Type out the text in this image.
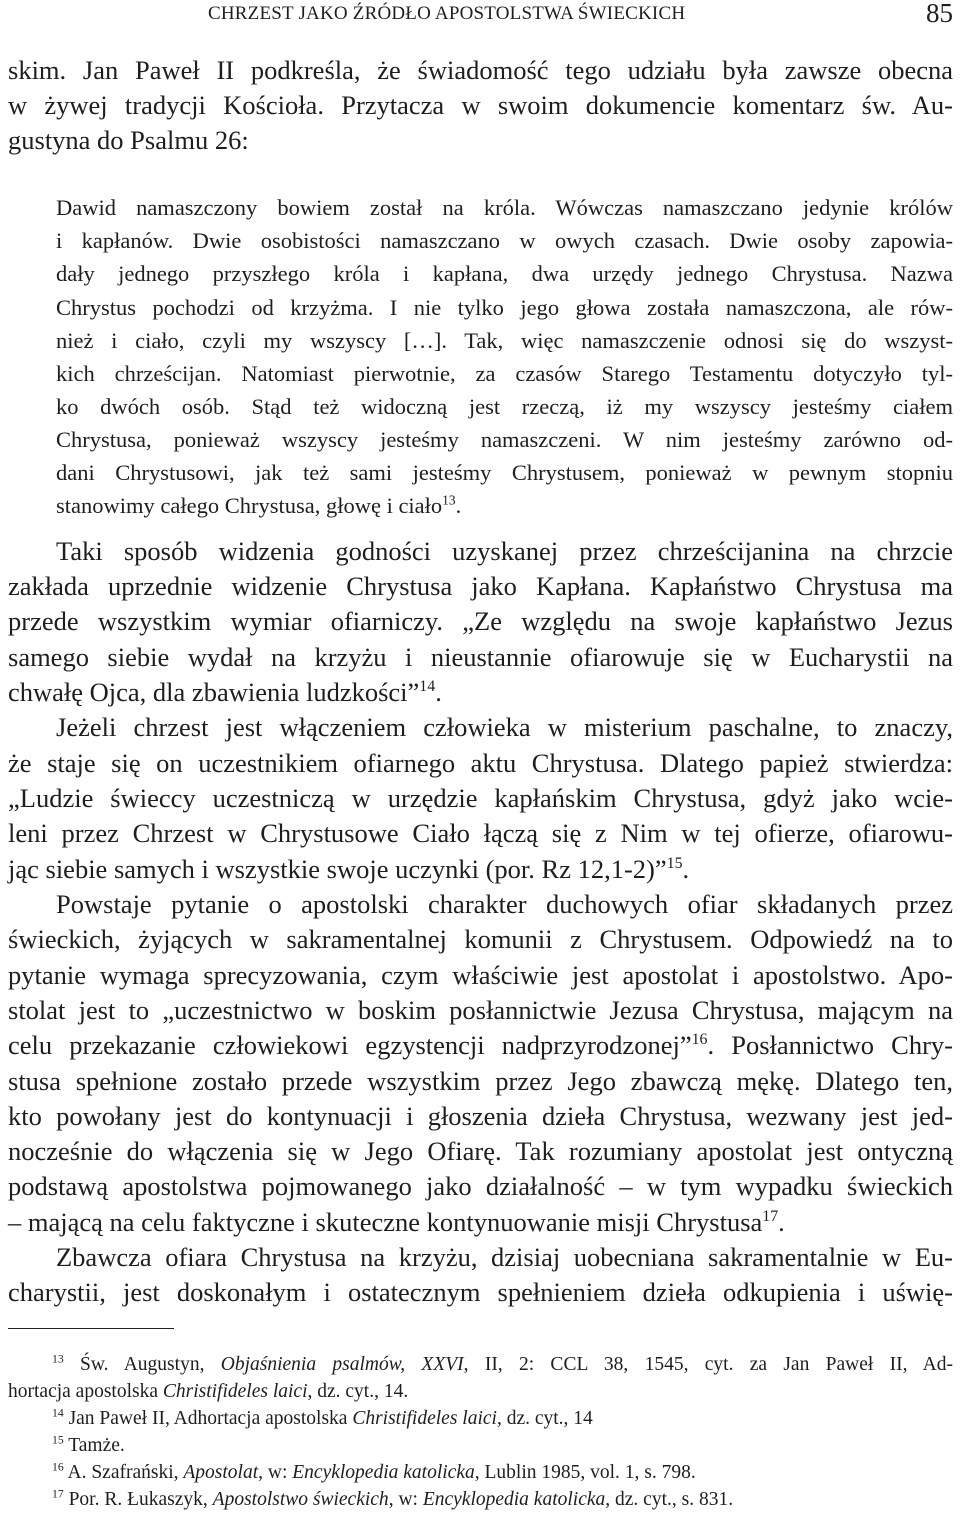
CHRZEST JAKO ŹRÓDŁO APOSTOLSTWA ŚWIECKICH	85
skim. Jan Paweł II podkreśla, że świadomość tego udziału była zawsze obecna
w żywej tradycji Kościoła. Przytacza w swoim dokumencie komentarz św. Au-
gustyna do Psalmu 26:
Dawid namaszczony bowiem został na króla. Wówczas namaszczano jedynie królów
i kapłanów. Dwie osobistości namaszczano w owych czasach. Dwie osoby zapowia-
dały jednego przyszłego króla i kapłana, dwa urzędy jednego Chrystusa. Nazwa
Chrystus pochodzi od krzyżma. I nie tylko jego głowa została namaszczona, ale rów-
nież i ciało, czyli my wszyscy […]. Tak, więc namaszczenie odnosi się do wszyst-
kich chrześcijan. Natomiast pierwotnie, za czasów Starego Testamentu dotyczyło tyl-
ko dwóch osób. Stąd też widoczną jest rzeczą, iż my wszyscy jesteśmy ciałem
Chrystusa, ponieważ wszyscy jesteśmy namaszczeni. W nim jesteśmy zarówno od-
dani Chrystusowi, jak też sami jesteśmy Chrystusem, ponieważ w pewnym stopniu
stanowimy całego Chrystusa, głowę i ciało$^{13}$.
Taki sposób widzenia godności uzyskanej przez chrześcijanina na chrzcie
zakłada uprzednie widzenie Chrystusa jako Kapłana. Kapłaństwo Chrystusa ma
przede wszystkim wymiar ofiarniczy. „Ze względu na swoje kapłaństwo Jezus
samego siebie wydał na krzyżu i nieustannie ofiarowuje się w Eucharystii na
chwałę Ojca, dla zbawienia ludzkości”$^{14}$.
Jeżeli chrzest jest włączeniem człowieka w misterium paschalne, to znaczy,
że staje się on uczestnikiem ofiarnego aktu Chrystusa. Dlatego papież stwierdza:
„Ludzie świeccy uczestniczą w urzędzie kapłańskim Chrystusa, gdyż jako wcie-
leni przez Chrzest w Chrystusowe Ciało łączą się z Nim w tej ofierze, ofiarowu-
jąc siebie samych i wszystkie swoje uczynki (por. Rz 12,1-2)”$^{15}$.
Powstaje pytanie o apostolski charakter duchowych ofiar składanych przez
świeckich, żyjących w sakramentalnej komunii z Chrystusem. Odpowiedź na to
pytanie wymaga sprecyzowania, czym właściwie jest apostolat i apostolstwo. Apo-
stolat jest to „uczestnictwo w boskim posłannictwie Jezusa Chrystusa, mającym na
celu przekazanie człowiekowi egzystencji nadprzyrodzonej”$^{16}$. Posłannictwo Chry-
stusa spełnione zostało przede wszystkim przez Jego zbawczą mękę. Dlatego ten,
kto powołany jest do kontynuacji i głoszenia dzieła Chrystusa, wezwany jest jed-
nocześnie do włączenia się w Jego Ofiarę. Tak rozumiany apostolat jest ontyczną
podstawą apostolstwa pojmowanego jako działalność – w tym wypadku świeckich
– mającą na celu faktyczne i skuteczne kontynuowanie misji Chrystusa$^{17}$.
Zbawcza ofiara Chrystusa na krzyżu, dzisiaj uobecniana sakramentalnie w Eu-
charystii, jest doskonałym i ostatecznym spełnieniem dzieła odkupienia i uświę-
$^{13}$ Św. Augustyn, Objaśnienia psalmów, XXVI, II, 2: CCL 38, 1545, cyt. za Jan Paweł II, Ad-
hortacja apostolska Christifideles laici, dz. cyt., 14.
$^{14}$ Jan Paweł II, Adhortacja apostolska Christifideles laici, dz. cyt., 14
$^{15}$ Tamże.
$^{16}$ A. Szafrański, Apostolat, w: Encyklopedia katolicka, Lublin 1985, vol. 1, s. 798.
$^{17}$ Por. R. Łukaszyk, Apostolstwo świeckich, w: Encyklopedia katolicka, dz. cyt., s. 831.
